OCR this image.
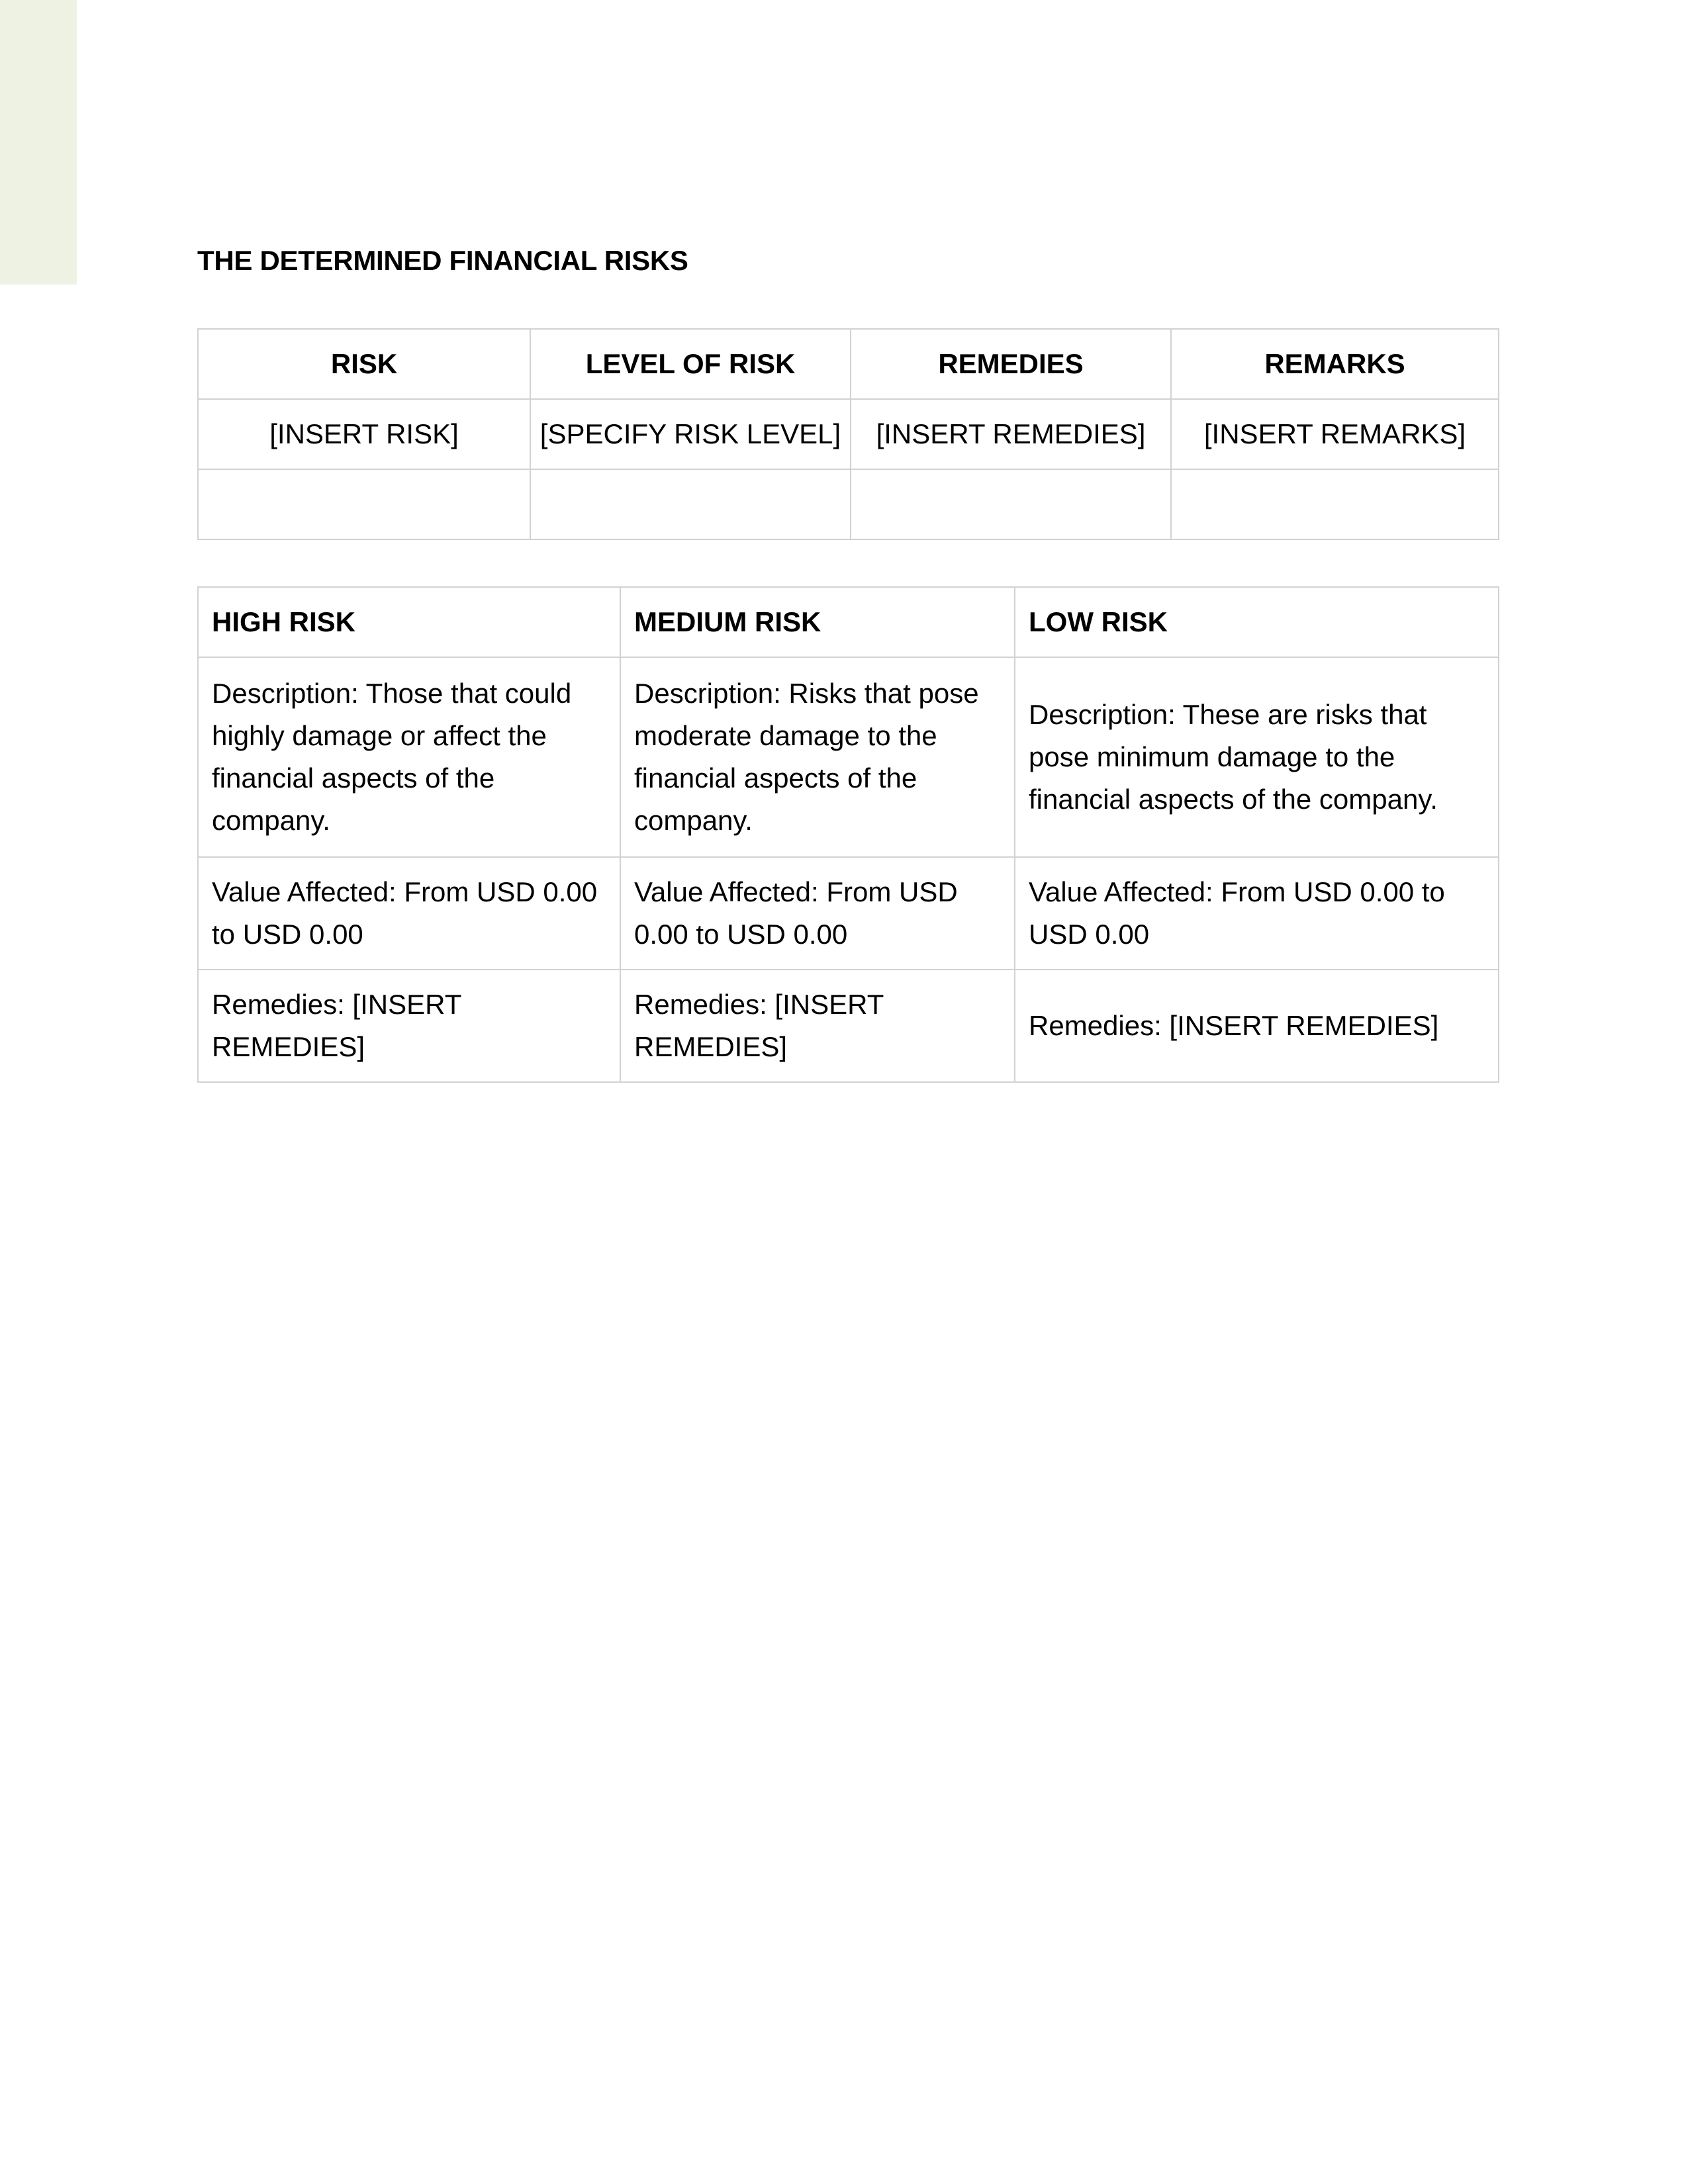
THE DETERMINED FINANCIAL RISKS
RISK	LEVEL OF RISK	REMEDIES	REMARKS
[INSERT RISK]	[SPECIFY RISK LEVEL]	[INSERT REMEDIES]	[INSERT REMARKS]

HIGH RISK	MEDIUM RISK	LOW RISK
Description: Those that could highly damage or affect the financial aspects of the company.	Description: Risks that pose moderate damage to the financial aspects of the company.	Description: These are risks that pose minimum damage to the financial aspects of the company.
Value Affected: From USD 0.00 to USD 0.00	Value Affected: From USD 0.00 to USD 0.00	Value Affected: From USD 0.00 to USD 0.00
Remedies: [INSERT REMEDIES]	Remedies: [INSERT REMEDIES]	Remedies: [INSERT REMEDIES]
